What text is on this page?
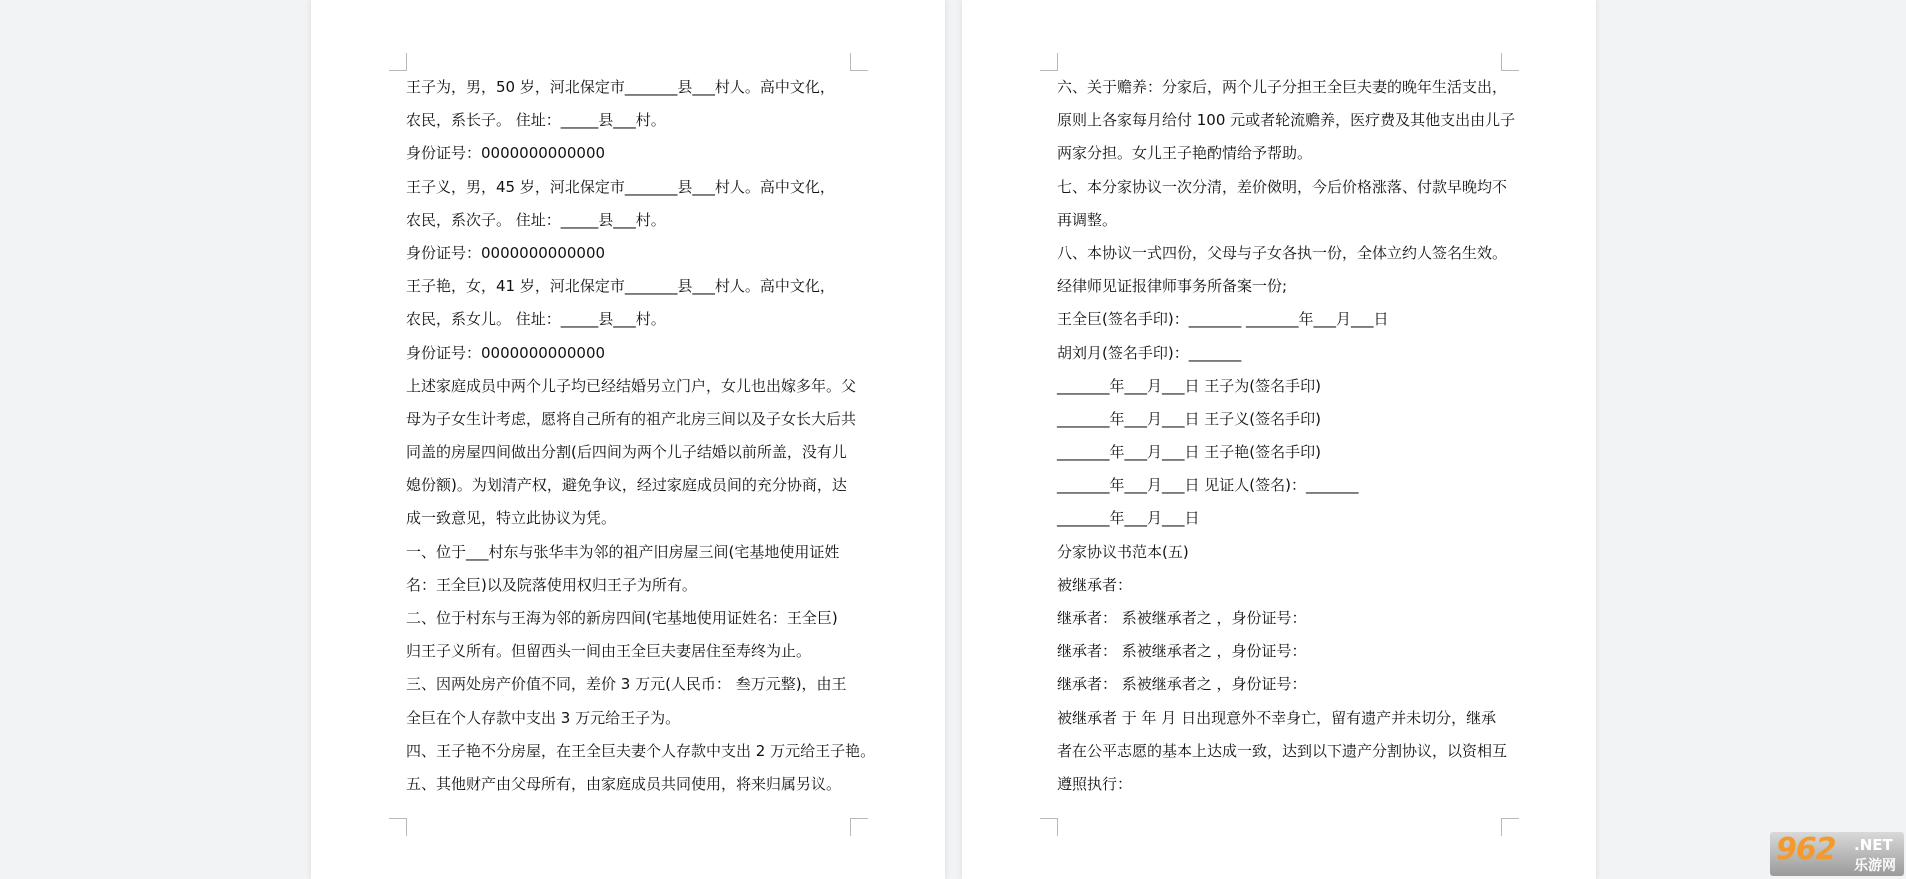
王子为，男，50 岁，河北保定市_______县___村人。高中文化，
农民，系长子。 住址：_____县___村。
身份证号：0000000000000
王子义，男，45 岁，河北保定市_______县___村人。高中文化，
农民，系次子。 住址：_____县___村。
身份证号：0000000000000
王子艳，女，41 岁，河北保定市_______县___村人。高中文化，
农民，系女儿。 住址：_____县___村。
身份证号：0000000000000
上述家庭成员中两个儿子均已经结婚另立门户，女儿也出嫁多年。父
母为子女生计考虑，愿将自己所有的祖产北房三间以及子女长大后共
同盖的房屋四间做出分割(后四间为两个儿子结婚以前所盖，没有儿
媳份额)。为划清产权，避免争议，经过家庭成员间的充分协商，达
成一致意见，特立此协议为凭。
一、位于___村东与张华丰为邻的祖产旧房屋三间(宅基地使用证姓
名：王全巨)以及院落使用权归王子为所有。
二、位于村东与王海为邻的新房四间(宅基地使用证姓名：王全巨)
归王子义所有。但留西头一间由王全巨夫妻居住至寿终为止。
三、因两处房产价值不同，差价 3 万元(人民币： 叁万元整)，由王
全巨在个人存款中支出 3 万元给王子为。
四、王子艳不分房屋，在王全巨夫妻个人存款中支出 2 万元给王子艳。
五、其他财产由父母所有，由家庭成员共同使用，将来归属另议。
六、关于赡养：分家后，两个儿子分担王全巨夫妻的晚年生活支出，
原则上各家每月给付 100 元或者轮流赡养，医疗费及其他支出由儿子
两家分担。女儿王子艳酌情给予帮助。
七、本分家协议一次分清，差价傚明，今后价格涨落、付款早晚均不
再调整。
八、本协议一式四份，父母与子女各执一份，全体立约人签名生效。
经律师见证报律师事务所备案一份;
王全巨(签名手印)：_______ _______年___月___日
胡刘月(签名手印)：_______
_______年___月___日 王子为(签名手印)
_______年___月___日 王子义(签名手印)
_______年___月___日 王子艳(签名手印)
_______年___月___日 见证人(签名)：_______
_______年___月___日
分家协议书范本(五)
被继承者：
继承者： 系被继承者之 ，身份证号：
继承者： 系被继承者之 ，身份证号：
继承者： 系被继承者之 ，身份证号：
被继承者 于 年 月 日出现意外不幸身亡，留有遗产并未切分，继承
者在公平志愿的基本上达成一致，达到以下遗产分割协议，以资相互
遵照执行：
962 .NET
乐游网
